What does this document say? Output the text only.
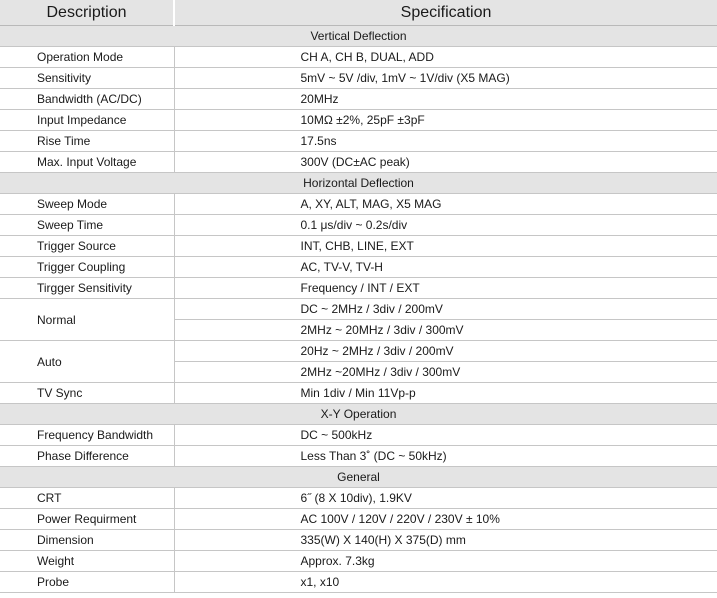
Description	Specification
Vertical Deflection	
Operation Mode	CH A, CH B, DUAL, ADD
Sensitivity	5mV ~ 5V /div, 1mV ~ 1V/div (X5 MAG)
Bandwidth (AC/DC)	20MHz
Input Impedance	10MΩ ±2%, 25pF ±3pF
Rise Time	17.5ns
Max. Input Voltage	300V (DC±AC peak)
Horizontal Deflection	
Sweep Mode	A, XY, ALT, MAG, X5 MAG
Sweep Time	0.1 μs/div ~ 0.2s/div
Trigger Source	INT, CHB, LINE, EXT
Trigger Coupling	AC, TV-V, TV-H
Tirgger Sensitivity	Frequency / INT / EXT
Normal	DC ~ 2MHz / 3div / 200mV
	2MHz ~ 20MHz / 3div / 300mV
Auto	20Hz ~ 2MHz / 3div / 200mV
	2MHz ~20MHz / 3div / 300mV
TV Sync	Min 1div / Min 11Vp-p
X-Y Operation	
Frequency Bandwidth	DC ~ 500kHz
Phase Difference	Less Than 3˚ (DC ~ 50kHz)
General	
CRT	6˝ (8 X 10div), 1.9KV
Power Requirment	AC 100V / 120V / 220V / 230V ± 10%
Dimension	335(W) X 140(H) X 375(D) mm
Weight	Approx. 7.3kg
Probe	x1, x10
